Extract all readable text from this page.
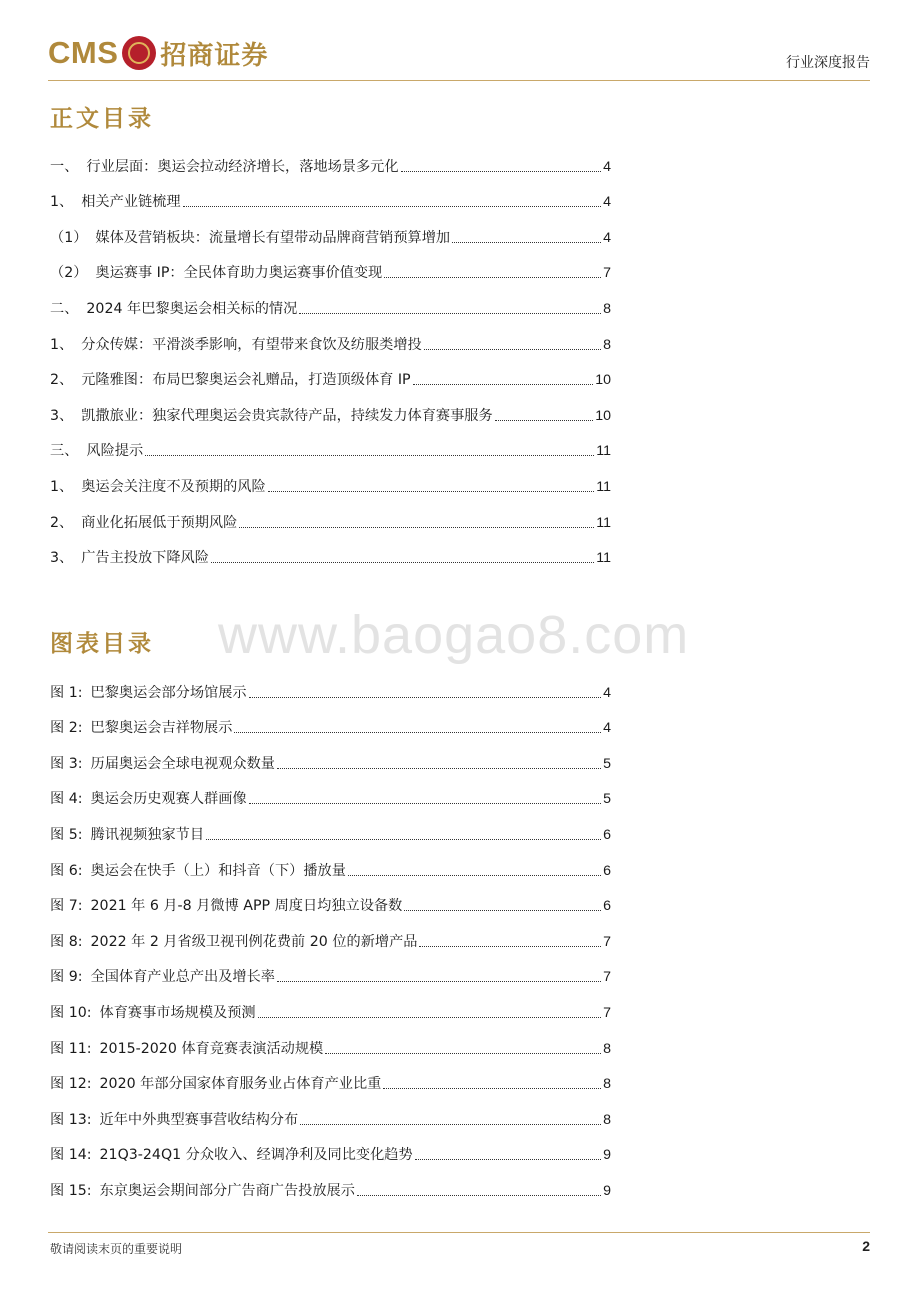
CMS 招商证券	行业深度报告
正文目录
一、 行业层面：奥运会拉动经济增长，落地场景多元化	4
1、 相关产业链梳理	4
（1） 媒体及营销板块：流量增长有望带动品牌商营销预算增加	4
（2） 奥运赛事 IP：全民体育助力奥运赛事价值变现	7
二、 2024 年巴黎奥运会相关标的情况	8
1、 分众传媒：平滑淡季影响，有望带来食饮及纺服类增投	8
2、 元隆雅图：布局巴黎奥运会礼赠品，打造顶级体育 IP	10
3、 凯撒旅业：独家代理奥运会贵宾款待产品，持续发力体育赛事服务	10
三、 风险提示	11
1、 奥运会关注度不及预期的风险	11
2、 商业化拓展低于预期风险	11
3、 广告主投放下降风险	11
www.baogao8.com
图表目录
图 1: 巴黎奥运会部分场馆展示	4
图 2: 巴黎奥运会吉祥物展示	4
图 3: 历届奥运会全球电视观众数量	5
图 4: 奥运会历史观赛人群画像	5
图 5: 腾讯视频独家节目	6
图 6: 奥运会在快手（上）和抖音（下）播放量	6
图 7: 2021 年 6 月-8 月微博 APP 周度日均独立设备数	6
图 8: 2022 年 2 月省级卫视刊例花费前 20 位的新增产品	7
图 9: 全国体育产业总产出及增长率	7
图 10: 体育赛事市场规模及预测	7
图 11: 2015-2020 体育竞赛表演活动规模	8
图 12: 2020 年部分国家体育服务业占体育产业比重	8
图 13: 近年中外典型赛事营收结构分布	8
图 14: 21Q3-24Q1 分众收入、经调净利及同比变化趋势	9
图 15: 东京奥运会期间部分广告商广告投放展示	9
敬请阅读末页的重要说明	2
